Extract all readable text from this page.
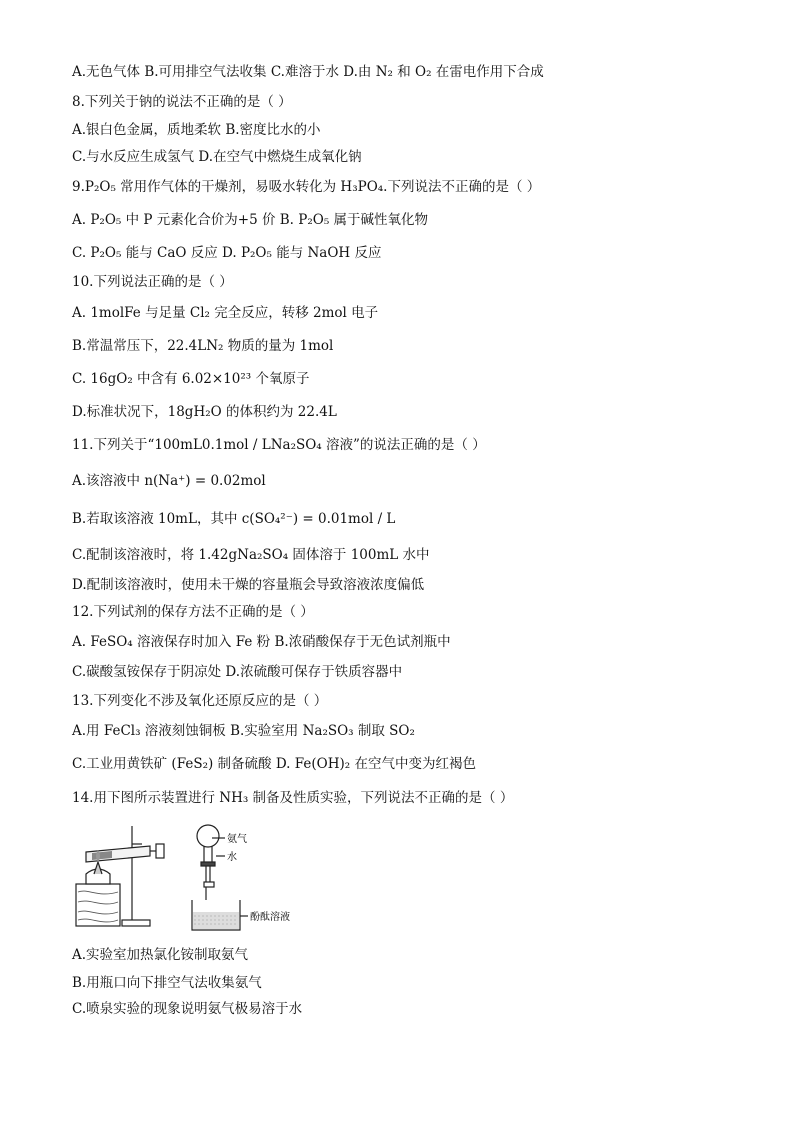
A.无色气体 B.可用排空气法收集 C.难溶于水 D.由 N₂ 和 O₂ 在雷电作用下合成
8.下列关于钠的说法不正确的是（ ）
A.银白色金属，质地柔软 B.密度比水的小
C.与水反应生成氢气 D.在空气中燃烧生成氧化钠
9.P₂O₅ 常用作气体的干燥剂，易吸水转化为 H₃PO₄.下列说法不正确的是（ ）
A. P₂O₅ 中 P 元素化合价为+5 价 B. P₂O₅ 属于碱性氧化物
C. P₂O₅ 能与 CaO 反应 D. P₂O₅ 能与 NaOH 反应
10.下列说法正确的是（ ）
A. 1molFe 与足量 Cl₂ 完全反应，转移 2mol 电子
B.常温常压下，22.4LN₂ 物质的量为 1mol
C. 16gO₂ 中含有 6.02×10²³ 个氧原子
D.标准状况下，18gH₂O 的体积约为 22.4L
11.下列关于“100mL0.1mol / LNa₂SO₄ 溶液”的说法正确的是（ ）
A.该溶液中 n(Na⁺) = 0.02mol
B.若取该溶液 10mL，其中 c(SO₄²⁻) = 0.01mol / L
C.配制该溶液时，将 1.42gNa₂SO₄ 固体溶于 100mL 水中
D.配制该溶液时，使用未干燥的容量瓶会导致溶液浓度偏低
12.下列试剂的保存方法不正确的是（ ）
A. FeSO₄ 溶液保存时加入 Fe 粉 B.浓硝酸保存于无色试剂瓶中
C.碳酸氢铵保存于阴凉处 D.浓硫酸可保存于铁质容器中
13.下列变化不涉及氧化还原反应的是（ ）
A.用 FeCl₃ 溶液刻蚀铜板 B.实验室用 Na₂SO₃ 制取 SO₂
C.工业用黄铁矿 (FeS₂) 制备硫酸 D. Fe(OH)₂ 在空气中变为红褐色
14.用下图所示装置进行 NH₃ 制备及性质实验，下列说法不正确的是（ ）
氨气
水
酚酞溶液
A.实验室加热氯化铵制取氨气
B.用瓶口向下排空气法收集氨气
C.喷泉实验的现象说明氨气极易溶于水
